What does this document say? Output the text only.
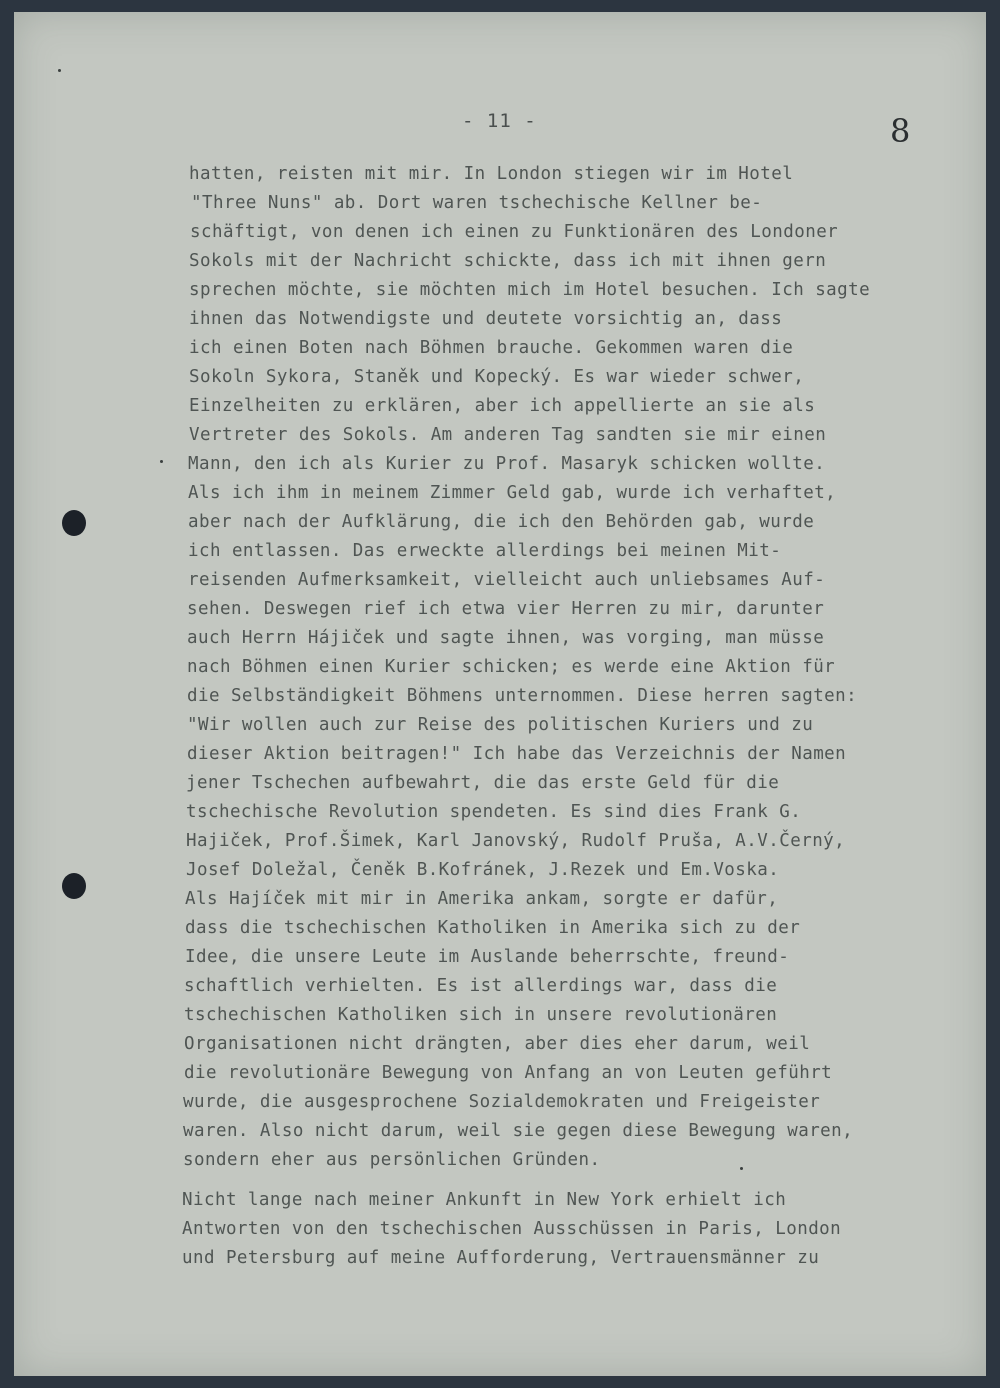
- 11 -	8
hatten, reisten mit mir. In London stiegen wir im Hotel
"Three Nuns" ab. Dort waren tschechische Kellner be-
schäftigt, von denen ich einen zu Funktionären des Londoner
Sokols mit der Nachricht schickte, dass ich mit ihnen gern
sprechen möchte, sie möchten mich im Hotel besuchen. Ich sagte
ihnen das Notwendigste und deutete vorsichtig an, dass
ich einen Boten nach Böhmen brauche. Gekommen waren die
Sokoln Sykora, Staněk und Kopecký. Es war wieder schwer,
Einzelheiten zu erklären, aber ich appellierte an sie als
Vertreter des Sokols. Am anderen Tag sandten sie mir einen
Mann, den ich als Kurier zu Prof. Masaryk schicken wollte.
Als ich ihm in meinem Zimmer Geld gab, wurde ich verhaftet,
aber nach der Aufklärung, die ich den Behörden gab, wurde
ich entlassen. Das erweckte allerdings bei meinen Mit-
reisenden Aufmerksamkeit, vielleicht auch unliebsames Auf-
sehen. Deswegen rief ich etwa vier Herren zu mir, darunter
auch Herrn Hájiček und sagte ihnen, was vorging, man müsse
nach Böhmen einen Kurier schicken; es werde eine Aktion für
die Selbständigkeit Böhmens unternommen. Diese herren sagten:
"Wir wollen auch zur Reise des politischen Kuriers und zu
dieser Aktion beitragen!" Ich habe das Verzeichnis der Namen
jener Tschechen aufbewahrt, die das erste Geld für die
tschechische Revolution spendeten. Es sind dies Frank G.
Hajiček, Prof.Šimek, Karl Janovský, Rudolf Pruša, A.V.Černý,
Josef Doležal, Čeněk B.Kofránek, J.Rezek und Em.Voska.
Als Hajíček mit mir in Amerika ankam, sorgte er dafür,
dass die tschechischen Katholiken in Amerika sich zu der
Idee, die unsere Leute im Auslande beherrschte, freund-
schaftlich verhielten. Es ist allerdings war, dass die
tschechischen Katholiken sich in unsere revolutionären
Organisationen nicht drängten, aber dies eher darum, weil
die revolutionäre Bewegung von Anfang an von Leuten geführt
wurde, die ausgesprochene Sozialdemokraten und Freigeister
waren. Also nicht darum, weil sie gegen diese Bewegung waren,
sondern eher aus persönlichen Gründen.
Nicht lange nach meiner Ankunft in New York erhielt ich
Antworten von den tschechischen Ausschüssen in Paris, London
und Petersburg auf meine Aufforderung, Vertrauensmänner zu
